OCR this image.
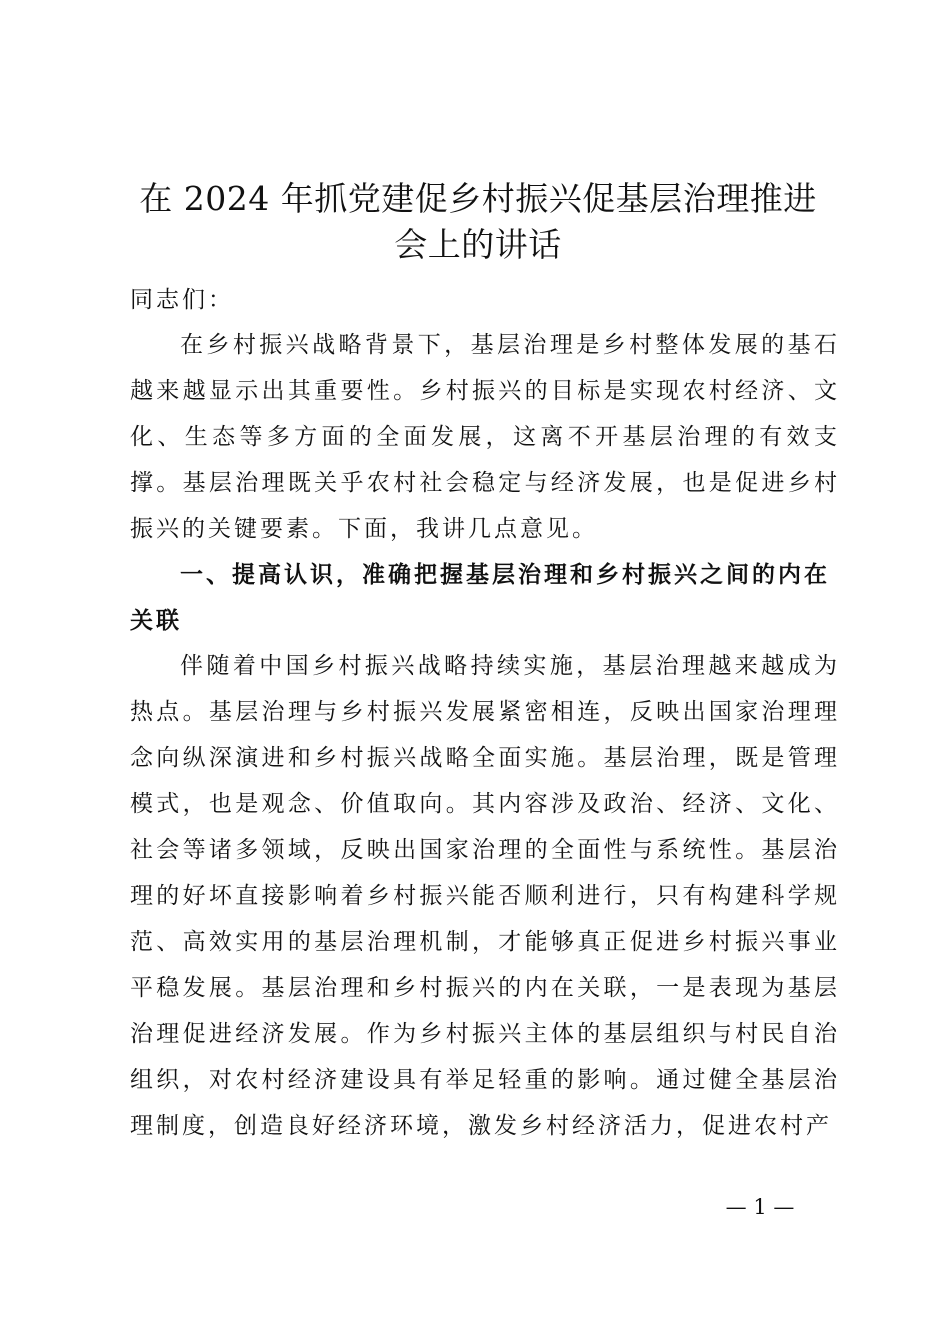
在 2024 年抓党建促乡村振兴促基层治理推进
会上的讲话
同志们：
在乡村振兴战略背景下，基层治理是乡村整体发展的基石越来越显示出其重要性。乡村振兴的目标是实现农村经济、文化、生态等多方面的全面发展，这离不开基层治理的有效支撑。基层治理既关乎农村社会稳定与经济发展，也是促进乡村振兴的关键要素。下面，我讲几点意见。
一、提高认识，准确把握基层治理和乡村振兴之间的内在关联
伴随着中国乡村振兴战略持续实施，基层治理越来越成为热点。基层治理与乡村振兴发展紧密相连，反映出国家治理理念向纵深演进和乡村振兴战略全面实施。基层治理，既是管理模式，也是观念、价值取向。其内容涉及政治、经济、文化、社会等诸多领域，反映出国家治理的全面性与系统性。基层治理的好坏直接影响着乡村振兴能否顺利进行，只有构建科学规范、高效实用的基层治理机制，才能够真正促进乡村振兴事业平稳发展。基层治理和乡村振兴的内在关联，一是表现为基层治理促进经济发展。作为乡村振兴主体的基层组织与村民自治组织，对农村经济建设具有举足轻重的影响。通过健全基层治理制度，创造良好经济环境，激发乡村经济活力，促进农村产
— 1 —
